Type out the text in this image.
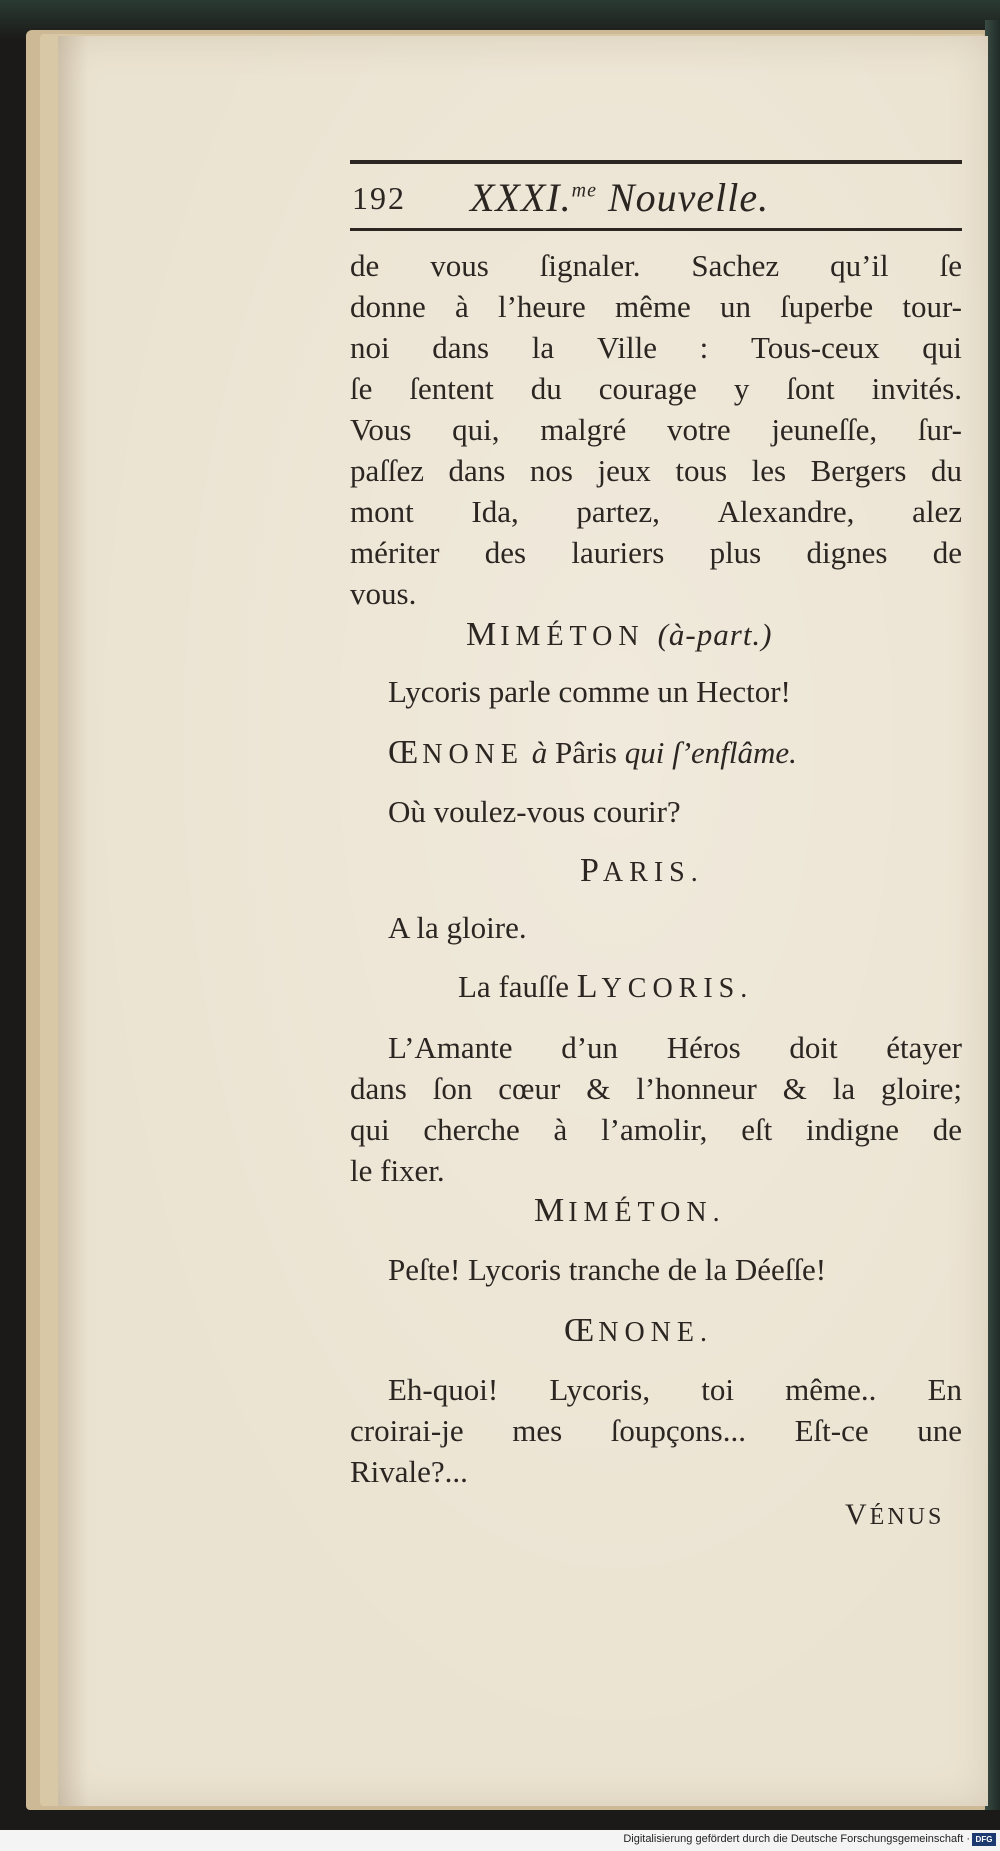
192 XXXI.$^{me}$ Nouvelle.
de vous ſignaler. Sachez qu’il ſe
donne à l’heure même un ſuperbe tour-
noi dans la Ville : Tous-ceux qui
ſe ſentent du courage y ſont invités.
Vous qui, malgré votre jeuneſſe, ſur-
paſſez dans nos jeux tous les Bergers du
mont Ida, partez, Alexandre, alez
mériter des lauriers plus dignes de
vous.
MIMÉTON (à-part.)
Lycoris parle comme un Hector!
ŒNONE à Pâris qui ſ’enflâme.
Où voulez-vous courir?
PARIS.
A la gloire.
La fauſſe LYCORIS.
L’Amante d’un Héros doit étayer
dans ſon cœur & l’honneur & la gloire;
qui cherche à l’amolir, eſt indigne de
le fixer.
MIMÉTON.
Peſte! Lycoris tranche de la Déeſſe!
ŒNONE.
Eh-quoi! Lycoris, toi même.. En
croirai-je mes ſoupçons... Eſt-ce une
Rivale?...
VÉNUS
Digitalisierung gefördert durch die Deutsche Forschungsgemeinschaft · DFG
